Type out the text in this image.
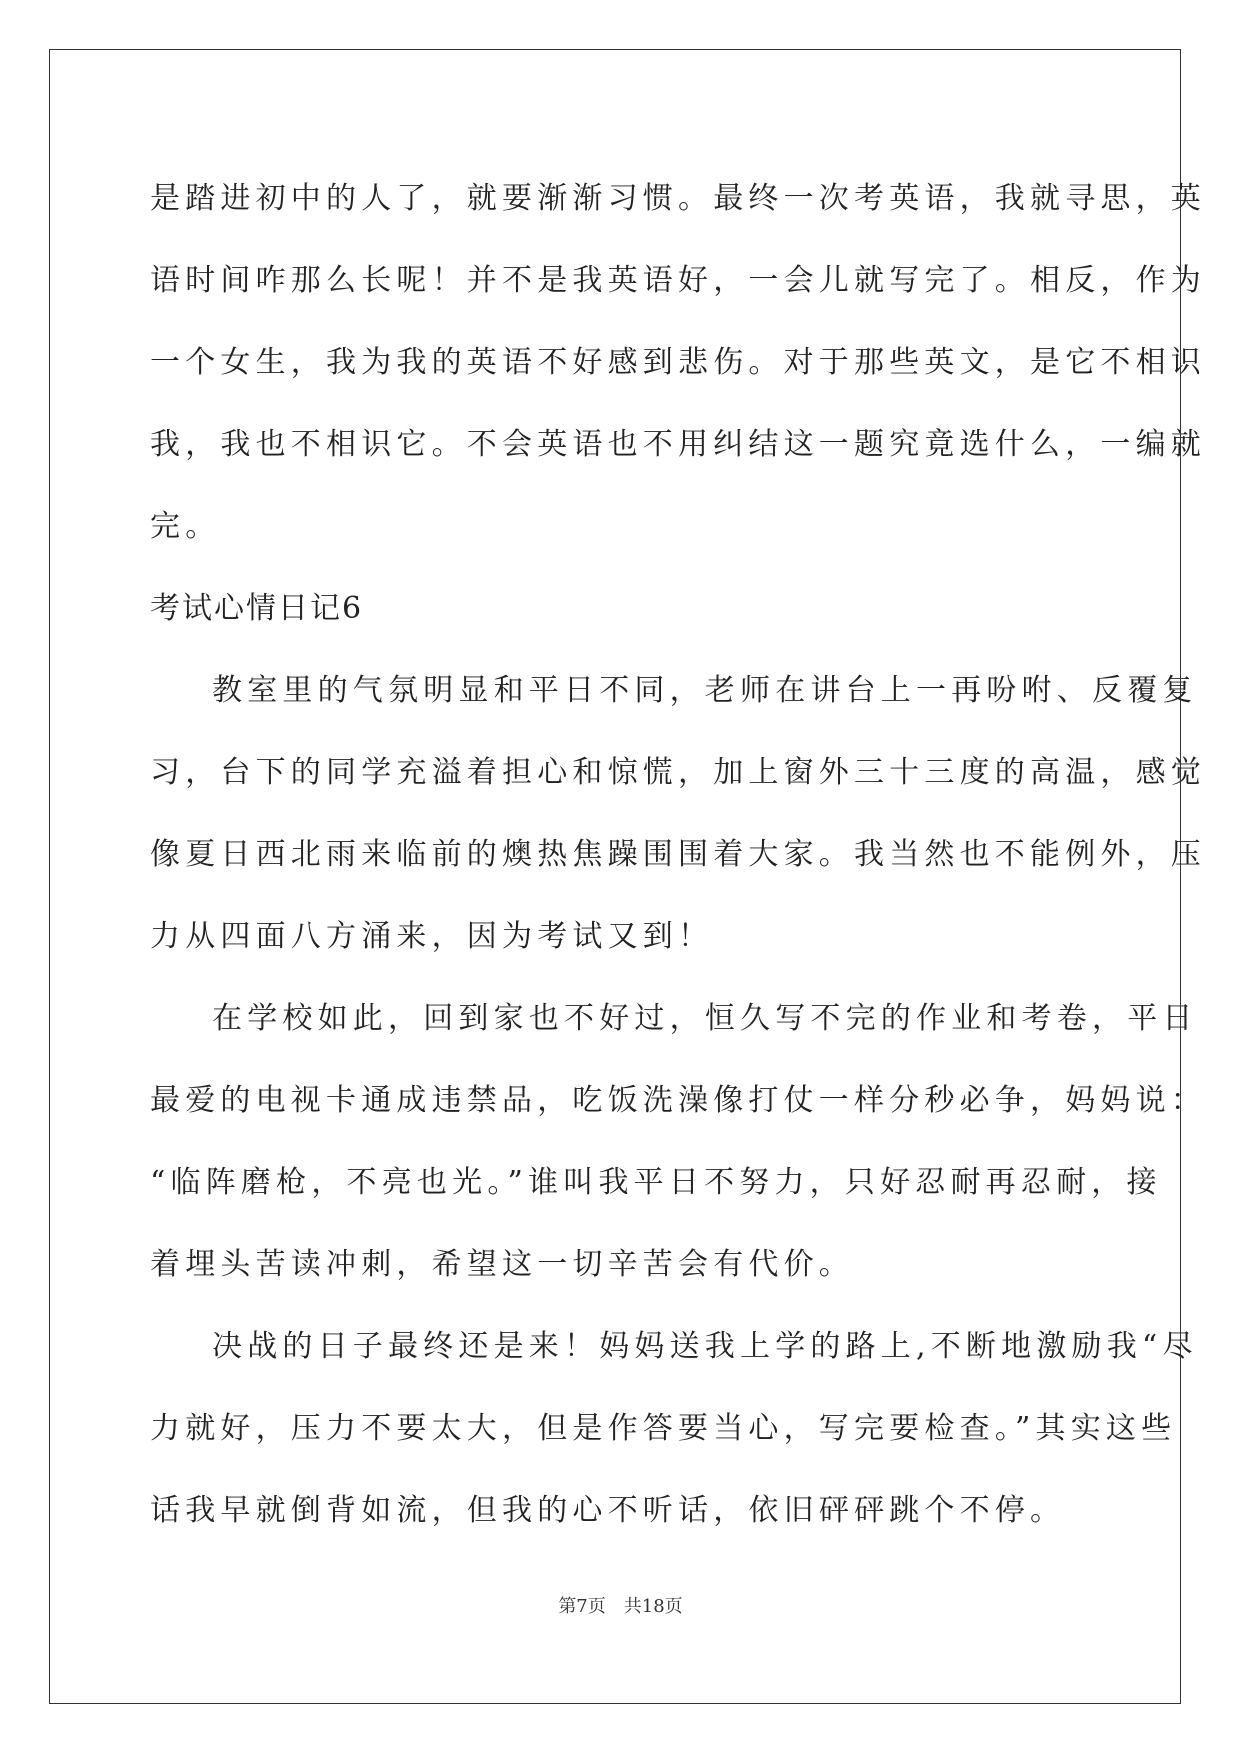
是踏进初中的人了，就要渐渐习惯。最终一次考英语，我就寻思，英
语时间咋那么长呢！并不是我英语好，一会儿就写完了。相反，作为
一个女生，我为我的英语不好感到悲伤。对于那些英文，是它不相识
我，我也不相识它。不会英语也不用纠结这一题究竟选什么，一编就
完。
考试心情日记6
教室里的气氛明显和平日不同，老师在讲台上一再吩咐、反覆复
习，台下的同学充溢着担心和惊慌，加上窗外三十三度的高温，感觉
像夏日西北雨来临前的燠热焦躁围围着大家。我当然也不能例外，压
力从四面八方涌来，因为考试又到！
在学校如此，回到家也不好过，恒久写不完的作业和考卷，平日
最爱的电视卡通成违禁品，吃饭洗澡像打仗一样分秒必争，妈妈说：
“临阵磨枪，不亮也光。”谁叫我平日不努力，只好忍耐再忍耐，接
着埋头苦读冲刺，希望这一切辛苦会有代价。
决战的日子最终还是来！妈妈送我上学的路上,不断地激励我“尽
力就好，压力不要太大，但是作答要当心，写完要检查。”其实这些
话我早就倒背如流，但我的心不听话，依旧砰砰跳个不停。
第7页 共18页
